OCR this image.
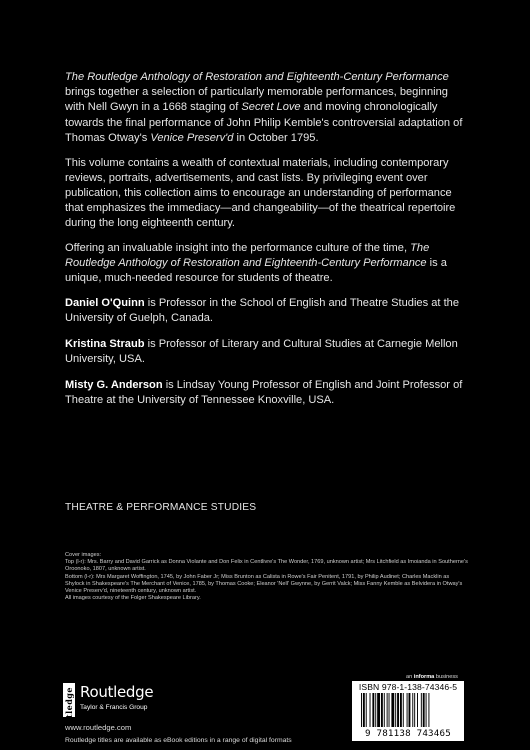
The Routledge Anthology of Restoration and Eighteenth-Century Performance brings together a selection of particularly memorable performances, beginning with Nell Gwyn in a 1668 staging of Secret Love and moving chronologically towards the final performance of John Philip Kemble's controversial adaptation of Thomas Otway's Venice Preserv'd in October 1795.

This volume contains a wealth of contextual materials, including contemporary reviews, portraits, advertisements, and cast lists. By privileging event over publication, this collection aims to encourage an understanding of performance that emphasizes the immediacy—and changeability—of the theatrical repertoire during the long eighteenth century.

Offering an invaluable insight into the performance culture of the time, The Routledge Anthology of Restoration and Eighteenth-Century Performance is a unique, much-needed resource for students of theatre.

Daniel O'Quinn is Professor in the School of English and Theatre Studies at the University of Guelph, Canada.

Kristina Straub is Professor of Literary and Cultural Studies at Carnegie Mellon University, USA.

Misty G. Anderson is Lindsay Young Professor of English and Joint Professor of Theatre at the University of Tennessee Knoxville, USA.

THEATRE & PERFORMANCE STUDIES
Cover images:
Top (l-r): Mrs. Barry and David Garrick as Donna Violante and Don Felix in Centlivre's The Wonder, 1769, unknown artist; Mrs Litchfield as Imoianda in Southerne's Oroonoko, 1807, unknown artist.
Bottom (l-r): Mrs Margaret Woffington, 1745, by John Faber Jr; Miss Brunton as Calista in Rowe's Fair Penitent, 1791, by Philip Audinet; Charles Macklin as Shylock in Shakespeare's The Merchant of Venice, 1785, by Thomas Cooke; Eleanor 'Nell' Gwynne, by Gerrit Valck; Miss Fanny Kemble as Belvidera in Otway's Venice Preserv'd, nineteenth century, unknown artist.
All images courtesy of the Folger Shakespeare Library.
an informa business
Routledge Routledge
Taylor & Francis Group
www.routledge.com
Routledge titles are available as eBook editions in a range of digital formats
ISBN 978-1-138-74346-5
9 781138 743465
